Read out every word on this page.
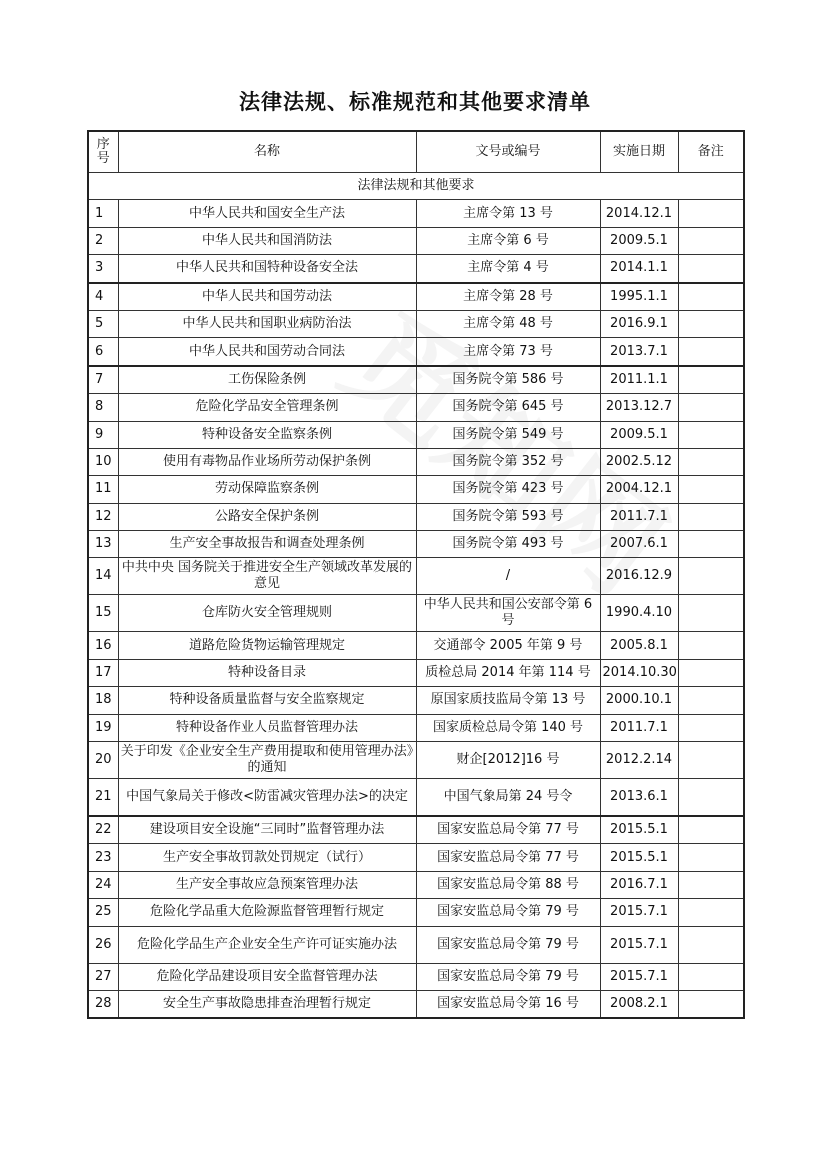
法律法规、标准规范和其他要求清单
序
号	名称	文号或编号	实施日期	备注
法律法规和其他要求				
1	中华人民共和国安全生产法	主席令第 13 号	2014.12.1	
2	中华人民共和国消防法	主席令第 6 号	2009.5.1	
3	中华人民共和国特种设备安全法	主席令第 4 号	2014.1.1	
4	中华人民共和国劳动法	主席令第 28 号	1995.1.1	
5	中华人民共和国职业病防治法	主席令第 48 号	2016.9.1	
6	中华人民共和国劳动合同法	主席令第 73 号	2013.7.1	
7	工伤保险条例	国务院令第 586 号	2011.1.1	
8	危险化学品安全管理条例	国务院令第 645 号	2013.12.7	
9	特种设备安全监察条例	国务院令第 549 号	2009.5.1	
10	使用有毒物品作业场所劳动保护条例	国务院令第 352 号	2002.5.12	
11	劳动保障监察条例	国务院令第 423 号	2004.12.1	
12	公路安全保护条例	国务院令第 593 号	2011.7.1	
13	生产安全事故报告和调查处理条例	国务院令第 493 号	2007.6.1	
14	中共中央 国务院关于推进安全生产领域改革发展的意见	/	2016.12.9	
15	仓库防火安全管理规则	中华人民共和国公安部令第 6 号	1990.4.10	
16	道路危险货物运输管理规定	交通部令 2005 年第 9 号	2005.8.1	
17	特种设备目录	质检总局 2014 年第 114 号	2014.10.30	
18	特种设备质量监督与安全监察规定	原国家质技监局令第 13 号	2000.10.1	
19	特种设备作业人员监督管理办法	国家质检总局令第 140 号	2011.7.1	
20	关于印发《企业安全生产费用提取和使用管理办法》的通知	财企[2012]16 号	2012.2.14	
21	中国气象局关于修改<防雷减灾管理办法>的决定	中国气象局第 24 号令	2013.6.1	
22	建设项目安全设施“三同时”监督管理办法	国家安监总局令第 77 号	2015.5.1	
23	生产安全事故罚款处罚规定（试行）	国家安监总局令第 77 号	2015.5.1	
24	生产安全事故应急预案管理办法	国家安监总局令第 88 号	2016.7.1	
25	危险化学品重大危险源监督管理暂行规定	国家安监总局令第 79 号	2015.7.1	
26	危险化学品生产企业安全生产许可证实施办法	国家安监总局令第 79 号	2015.7.1	
27	危险化学品建设项目安全监督管理办法	国家安监总局令第 79 号	2015.7.1	
28	安全生产事故隐患排查治理暂行规定	国家安监总局令第 16 号	2008.2.1	
